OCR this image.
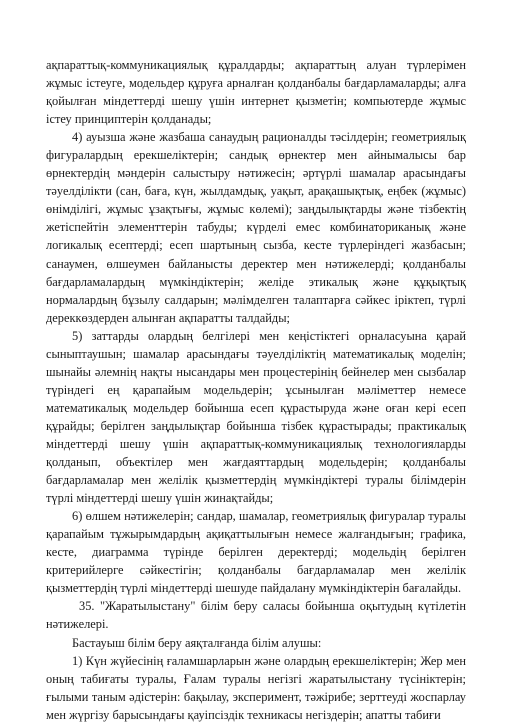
ақпараттық-коммуникациялық құралдарды; ақпараттың алуан түрлерімен жұмыс істеуге, модельдер құруға арналған қолданбалы бағдарламаларды; алға қойылған міндеттерді шешу үшін интернет қызметін; компьютерде жұмыс істеу принциптерін қолданады;

4) ауызша және жазбаша санаудың рационалды тәсілдерін; геометриялық фигуралардың ерекшеліктерін; сандық өрнектер мен айнымалысы бар өрнектердің мәндерін салыстыру нәтижесін; әртүрлі шамалар арасындағы тәуелділікти (сан, баға, күн, жылдамдық, уақыт, арақашықтық, еңбек (жұмыс) өнімділігі, жұмыс ұзақтығы, жұмыс көлемі); заңдылықтарды және тізбектің жетіспейтін элементтерін табуды; күрделі емес комбинаториканық және логикалық есептерді; есеп шартының сызба, кесте түрлеріндегі жазбасын; санаумен, өлшеумен байланысты деректер мен нәтижелерді; қолданбалы бағдарламалардың мүмкіндіктерін; желіде этикалық және құқықтық нормалардың бұзылу салдарын; мәлімделген талаптарға сәйкес іріктеп, түрлі дереккөздерден алынған ақпаратты талдайды;

5) заттарды олардың белгілері мен кеңістіктегі орналасуына қарай сыныптаушын; шамалар арасындағы тәуелділіктің математикалық моделін; шынайы әлемнің нақты нысандары мен процестерінің бейнелер мен сызбалар түріндегі ең қарапайым модельдерін; ұсынылған мәліметтер немесе математикалық модельдер бойынша есеп құрастыруда және оған кері есеп құрайды; берілген заңдылықтар бойынша тізбек құрастырады; практикалық міндеттерді шешу үшін ақпараттық-коммуникациялық технологияларды қолданып, объектілер мен жағдаяттардың модельдерін; қолданбалы бағдарламалар мен желілік қызметтердің мүмкіндіктері туралы білімдерін түрлі міндеттерді шешу үшін жинақтайды;

6) өлшем нәтижелерін; сандар, шамалар, геометриялық фигуралар туралы қарапайым тұжырымдардың ақиқаттылығын немесе жалғандығын; графика, кесте, диаграмма түрінде берілген деректерді; модельдің берілген критерийлерге сәйкестігін; қолданбалы бағдарламалар мен желілік қызметтердің түрлі міндеттерді шешуде пайдалану мүмкіндіктерін бағалайды.

35. "Жаратылыстану" білім беру саласы бойынша оқытудың күтілетін нәтижелері.

Бастауыш білім беру аяқталғанда білім алушы:

1) Күн жүйесінің ғаламшарларын және олардың ерекшеліктерін; Жер мен оның табиғаты туралы, Ғалам туралы негізгі жаратылыстану түсініктерін; ғылыми таным әдістерін: бақылау, эксперимент, тәжірибе; зерттеуді жоспарлау мен жүргізу барысындағы қауіпсіздік техникасы негіздерін; апатты табиғи
